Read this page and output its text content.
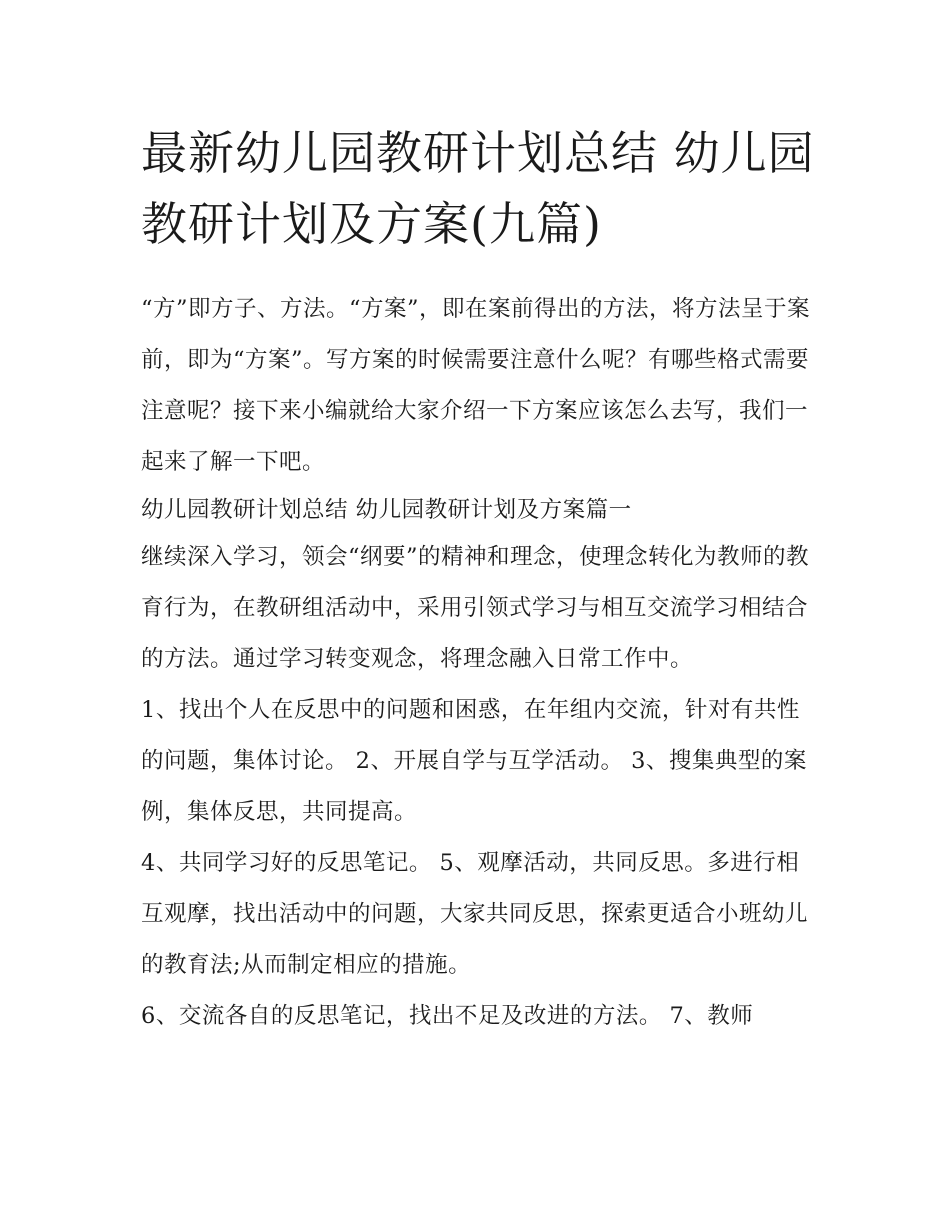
最新幼儿园教研计划总结 幼儿园教研计划及方案(九篇)

“方”即方子、方法。“方案”，即在案前得出的方法，将方法呈于案前，即为“方案”。写方案的时候需要注意什么呢？有哪些格式需要注意呢？接下来小编就给大家介绍一下方案应该怎么去写，我们一起来了解一下吧。

幼儿园教研计划总结 幼儿园教研计划及方案篇一

继续深入学习，领会“纲要”的精神和理念，使理念转化为教师的教育行为，在教研组活动中，采用引领式学习与相互交流学习相结合的方法。通过学习转变观念，将理念融入日常工作中。

1、找出个人在反思中的问题和困惑，在年组内交流，针对有共性的问题，集体讨论。 2、开展自学与互学活动。 3、搜集典型的案例，集体反思，共同提高。

4、共同学习好的反思笔记。 5、观摩活动，共同反思。多进行相互观摩，找出活动中的问题，大家共同反思，探索更适合小班幼儿的教育法;从而制定相应的措施。

6、交流各自的反思笔记，找出不足及改进的方法。 7、教师
